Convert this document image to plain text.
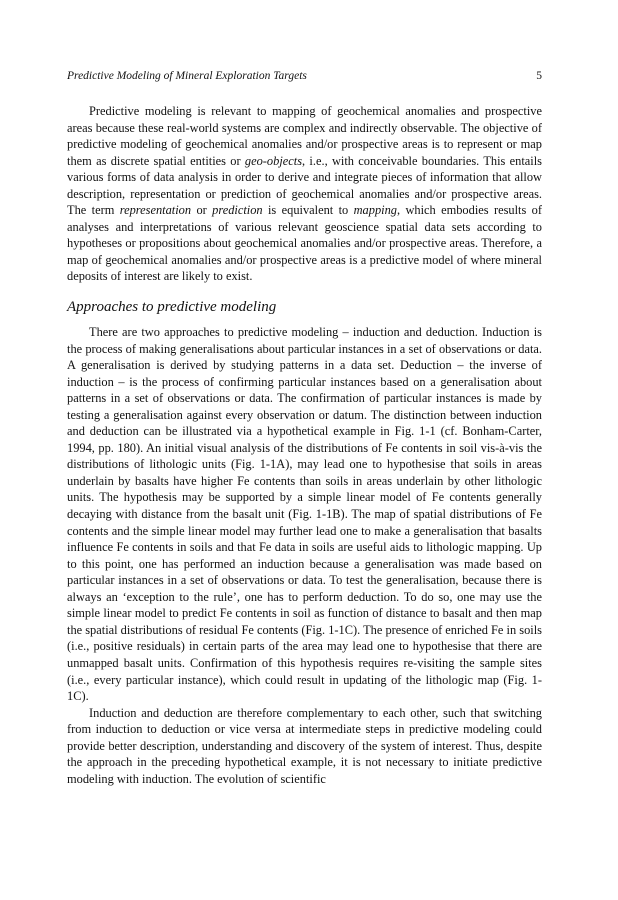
Predictive Modeling of Mineral Exploration Targets	5

Predictive modeling is relevant to mapping of geochemical anomalies and prospective areas because these real-world systems are complex and indirectly observable. The objective of predictive modeling of geochemical anomalies and/or prospective areas is to represent or map them as discrete spatial entities or geo-objects, i.e., with conceivable boundaries. This entails various forms of data analysis in order to derive and integrate pieces of information that allow description, representation or prediction of geochemical anomalies and/or prospective areas. The term representation or prediction is equivalent to mapping, which embodies results of analyses and interpretations of various relevant geoscience spatial data sets according to hypotheses or propositions about geochemical anomalies and/or prospective areas. Therefore, a map of geochemical anomalies and/or prospective areas is a predictive model of where mineral deposits of interest are likely to exist.

Approaches to predictive modeling

There are two approaches to predictive modeling – induction and deduction. Induction is the process of making generalisations about particular instances in a set of observations or data. A generalisation is derived by studying patterns in a data set. Deduction – the inverse of induction – is the process of confirming particular instances based on a generalisation about patterns in a set of observations or data. The confirmation of particular instances is made by testing a generalisation against every observation or datum. The distinction between induction and deduction can be illustrated via a hypothetical example in Fig. 1-1 (cf. Bonham-Carter, 1994, pp. 180). An initial visual analysis of the distributions of Fe contents in soil vis-à-vis the distributions of lithologic units (Fig. 1-1A), may lead one to hypothesise that soils in areas underlain by basalts have higher Fe contents than soils in areas underlain by other lithologic units. The hypothesis may be supported by a simple linear model of Fe contents generally decaying with distance from the basalt unit (Fig. 1-1B). The map of spatial distributions of Fe contents and the simple linear model may further lead one to make a generalisation that basalts influence Fe contents in soils and that Fe data in soils are useful aids to lithologic mapping. Up to this point, one has performed an induction because a generalisation was made based on particular instances in a set of observations or data. To test the generalisation, because there is always an ‘exception to the rule’, one has to perform deduction. To do so, one may use the simple linear model to predict Fe contents in soil as function of distance to basalt and then map the spatial distributions of residual Fe contents (Fig. 1-1C). The presence of enriched Fe in soils (i.e., positive residuals) in certain parts of the area may lead one to hypothesise that there are unmapped basalt units. Confirmation of this hypothesis requires re-visiting the sample sites (i.e., every particular instance), which could result in updating of the lithologic map (Fig. 1-1C).

Induction and deduction are therefore complementary to each other, such that switching from induction to deduction or vice versa at intermediate steps in predictive modeling could provide better description, understanding and discovery of the system of interest. Thus, despite the approach in the preceding hypothetical example, it is not necessary to initiate predictive modeling with induction. The evolution of scientific
